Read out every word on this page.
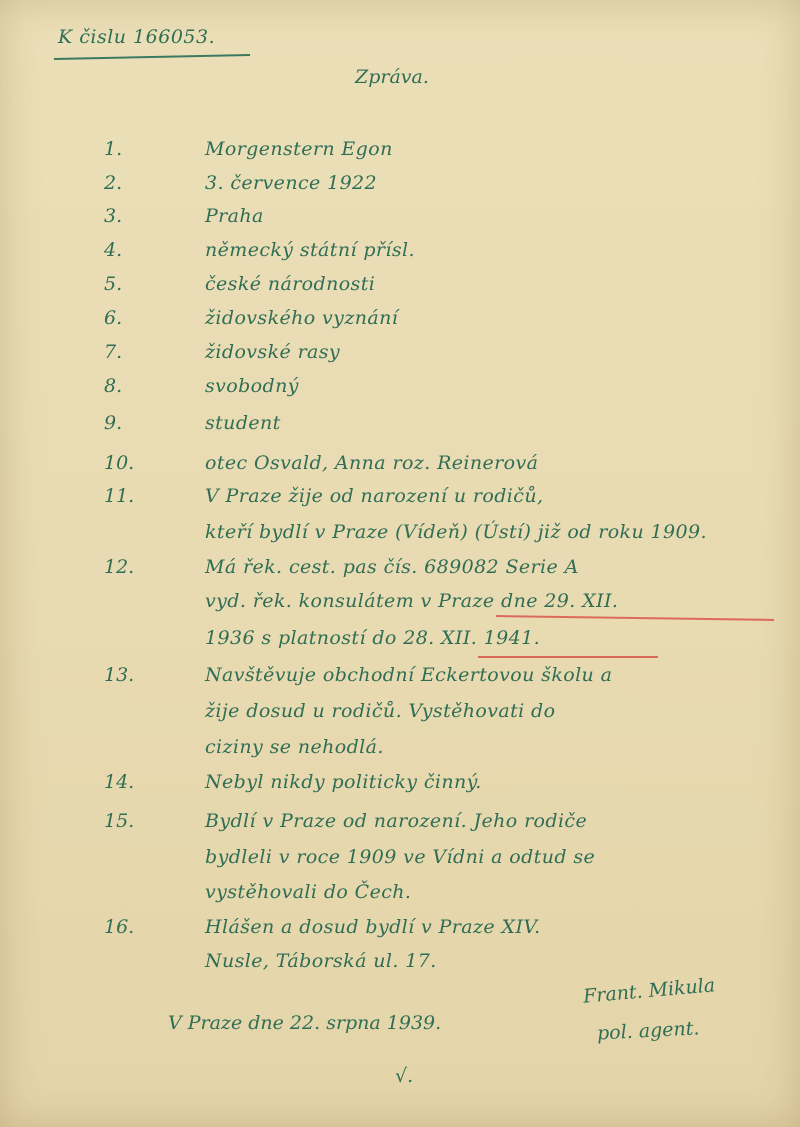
K čislu 166053.
Zpráva.
1.	Morgenstern Egon
2.	3. července 1922
3.	Praha
4.	německý státní přísl.
5.	české národnosti
6.	židovského vyznání
7.	židovské rasy
8.	svobodný
9.	student
10.	otec Osvald, Anna roz. Reinerová
11.	V Praze žije od narození u rodičů,
kteří bydlí v Praze (Vídeň) (Ústí) již od roku 1909.
12.	Má řek. cest. pas čís. 689082 Serie A
vyd. řek. konsulátem v Praze dne 29. XII.
1936 s platností do 28. XII. 1941.
13.	Navštěvuje obchodní Eckertovou školu a
žije dosud u rodičů. Vystěhovati do
ciziny se nehodlá.
14.	Nebyl nikdy politicky činný.
15.	Bydlí v Praze od narození. Jeho rodiče
bydleli v roce 1909 ve Vídni a odtud se
vystěhovali do Čech.
16.	Hlášen a dosud bydlí v Praze XIV.
Nusle, Táborská ul. 17.
V Praze dne 22. srpna 1939.
Frant. Mikula
pol. agent.
√.
